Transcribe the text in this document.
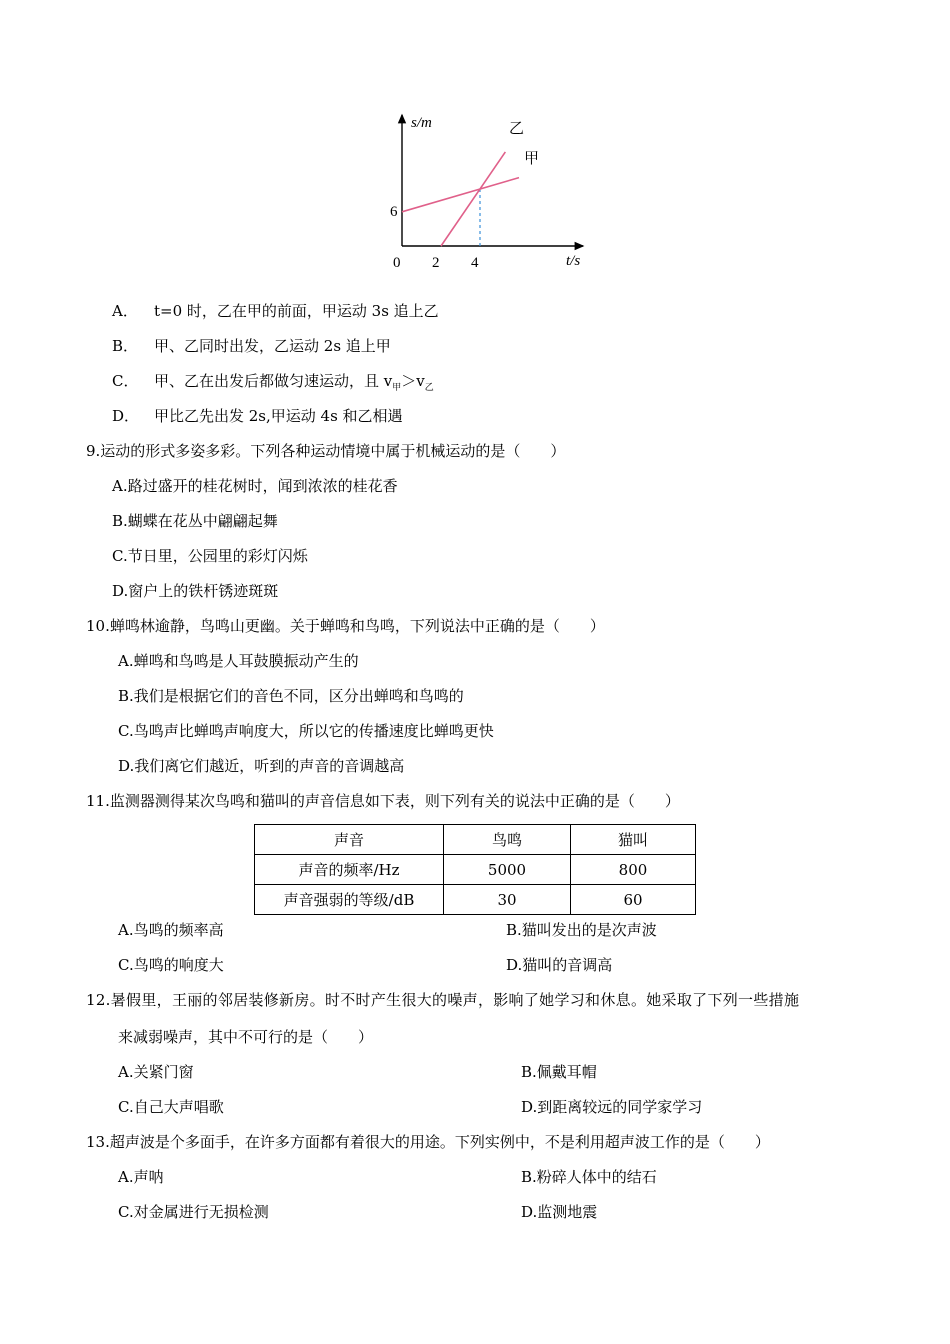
s/m
t/s
0 2 4
6
乙
甲
A． t=0 时，乙在甲的前面，甲运动 3s 追上乙
B． 甲、乙同时出发，乙运动 2s 追上甲
C． 甲、乙在出发后都做匀速运动，且 $v_甲>v_乙$
D． 甲比乙先出发 2s,甲运动 4s 和乙相遇
9.运动的形式多姿多彩。下列各种运动情境中属于机械运动的是（　　）
A.路过盛开的桂花树时，闻到浓浓的桂花香
B.蝴蝶在花丛中翩翩起舞
C.节日里，公园里的彩灯闪烁
D.窗户上的铁杆锈迹斑斑
10.蝉鸣林逾静，鸟鸣山更幽。关于蝉鸣和鸟鸣，下列说法中正确的是（　　）
A.蝉鸣和鸟鸣是人耳鼓膜振动产生的
B.我们是根据它们的音色不同，区分出蝉鸣和鸟鸣的
C.鸟鸣声比蝉鸣声响度大，所以它的传播速度比蝉鸣更快
D.我们离它们越近，听到的声音的音调越高
11.监测器测得某次鸟鸣和猫叫的声音信息如下表，则下列有关的说法中正确的是（　　）
声音	鸟鸣	猫叫
声音的频率/Hz	5000	800
声音强弱的等级/dB	30	60
A.鸟鸣的频率高	B.猫叫发出的是次声波
C.鸟鸣的响度大	D.猫叫的音调高
12.暑假里，王丽的邻居装修新房。时不时产生很大的噪声，影响了她学习和休息。她采取了下列一些措施
来减弱噪声，其中不可行的是（　　）
A.关紧门窗	B.佩戴耳帽
C.自己大声唱歌	D.到距离较远的同学家学习
13.超声波是个多面手，在许多方面都有着很大的用途。下列实例中，不是利用超声波工作的是（　　）
A.声呐	B.粉碎人体中的结石
C.对金属进行无损检测	D.监测地震
